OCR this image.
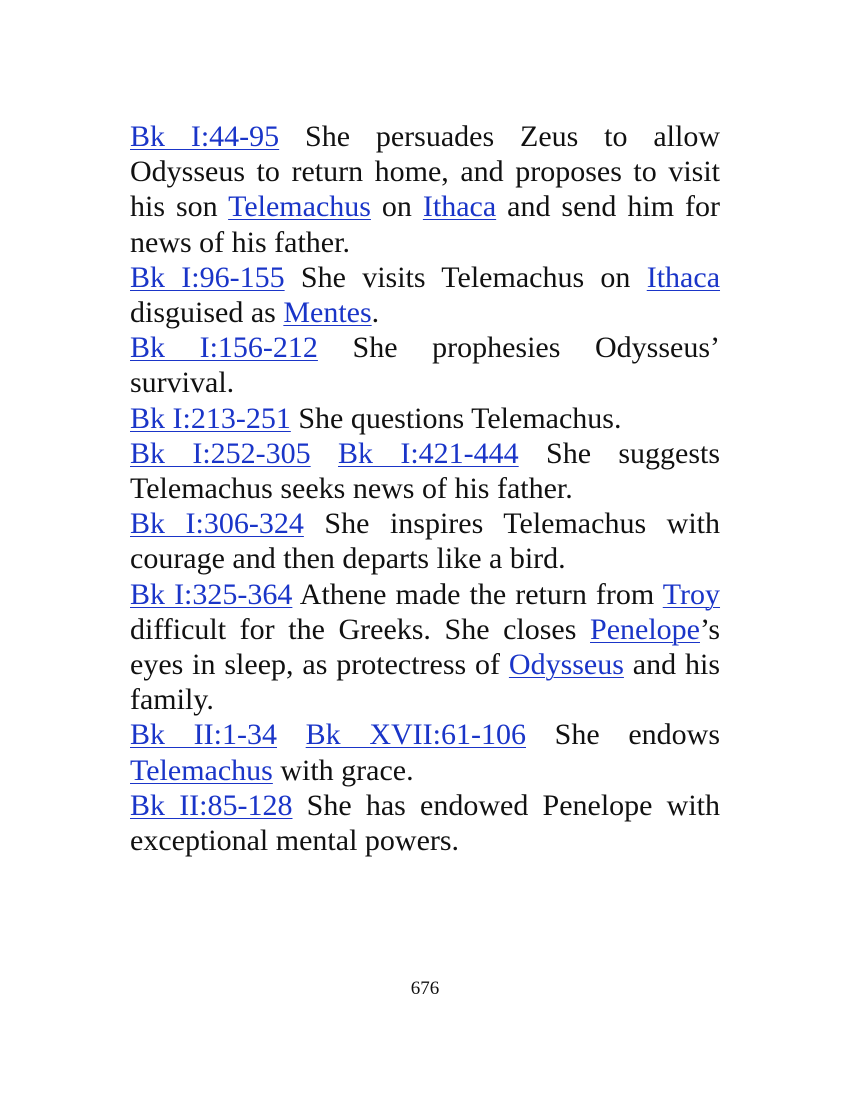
Bk I:44-95 She persuades Zeus to allow Odysseus to return home, and proposes to visit his son Telemachus on Ithaca and send him for news of his father.

Bk I:96-155 She visits Telemachus on Ithaca disguised as Mentes.

Bk I:156-212 She prophesies Odysseus’ survival.

Bk I:213-251 She questions Telemachus.

Bk I:252-305 Bk I:421-444 She suggests Telemachus seeks news of his father.

Bk I:306-324 She inspires Telemachus with courage and then departs like a bird.

Bk I:325-364 Athene made the return from Troy difficult for the Greeks. She closes Penelope’s eyes in sleep, as protectress of Odysseus and his family.

Bk II:1-34 Bk XVII:61-106 She endows Telemachus with grace.

Bk II:85-128 She has endowed Penelope with exceptional mental powers.

676
